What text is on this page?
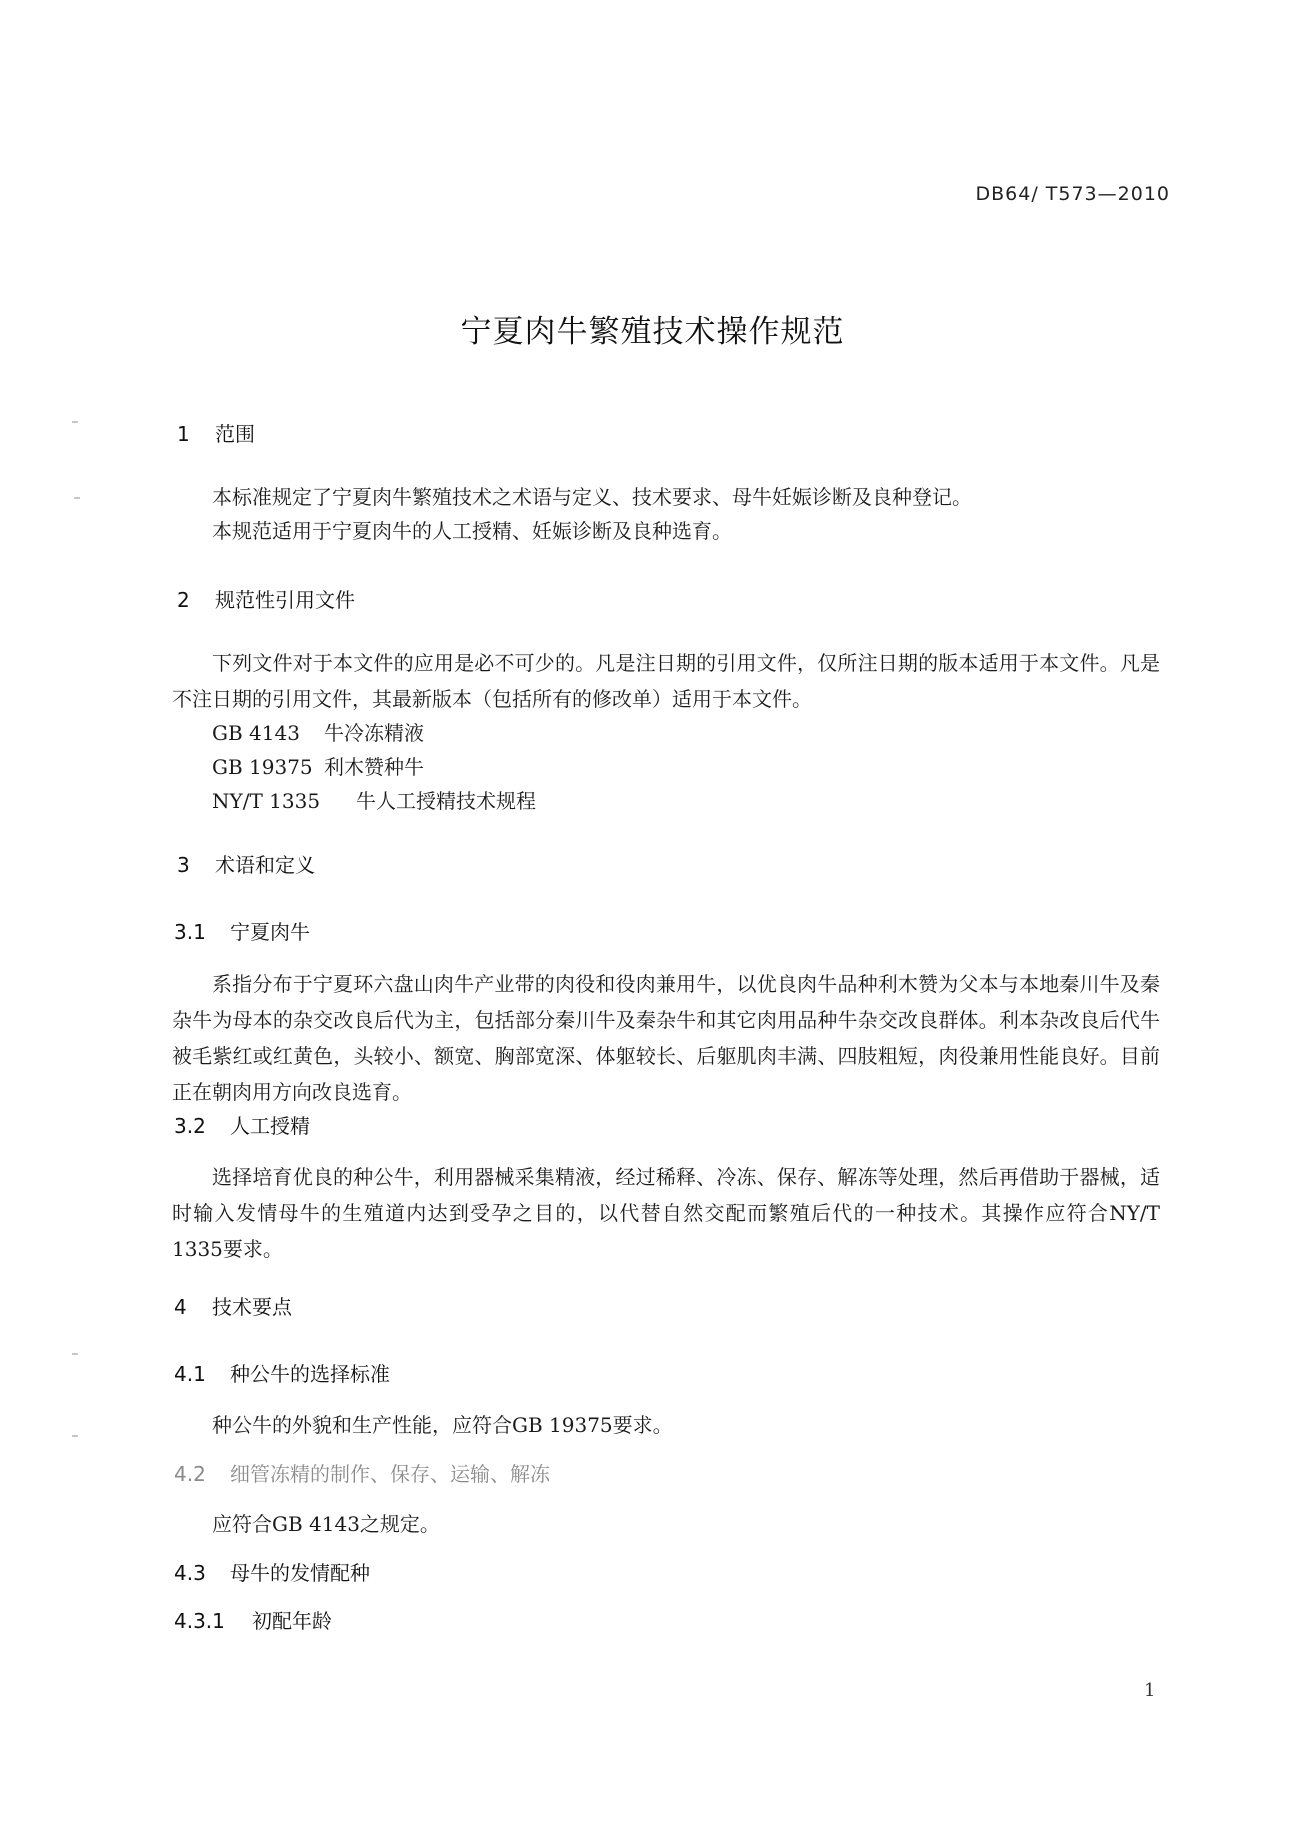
DB64/ T573—2010
宁夏肉牛繁殖技术操作规范
1 范围
本标准规定了宁夏肉牛繁殖技术之术语与定义、技术要求、母牛妊娠诊断及良种登记。
本规范适用于宁夏肉牛的人工授精、妊娠诊断及良种选育。
2 规范性引用文件
下列文件对于本文件的应用是必不可少的。凡是注日期的引用文件，仅所注日期的版本适用于本文件。凡是不注日期的引用文件，其最新版本（包括所有的修改单）适用于本文件。
GB 4143 牛冷冻精液
GB 19375 利木赞种牛
NY/T 1335 牛人工授精技术规程
3 术语和定义
3.1 宁夏肉牛
系指分布于宁夏环六盘山肉牛产业带的肉役和役肉兼用牛，以优良肉牛品种利木赞为父本与本地秦川牛及秦杂牛为母本的杂交改良后代为主，包括部分秦川牛及秦杂牛和其它肉用品种牛杂交改良群体。利本杂改良后代牛被毛紫红或红黄色，头较小、额宽、胸部宽深、体躯较长、后躯肌肉丰满、四肢粗短，肉役兼用性能良好。目前正在朝肉用方向改良选育。
3.2 人工授精
选择培育优良的种公牛，利用器械采集精液，经过稀释、冷冻、保存、解冻等处理，然后再借助于器械，适时输入发情母牛的生殖道内达到受孕之目的，以代替自然交配而繁殖后代的一种技术。其操作应符合NY/T 1335要求。
4 技术要点
4.1 种公牛的选择标准
种公牛的外貌和生产性能，应符合GB 19375要求。
4.2 细管冻精的制作、保存、运输、解冻
应符合GB 4143之规定。
4.3 母牛的发情配种
4.3.1 初配年龄
1
